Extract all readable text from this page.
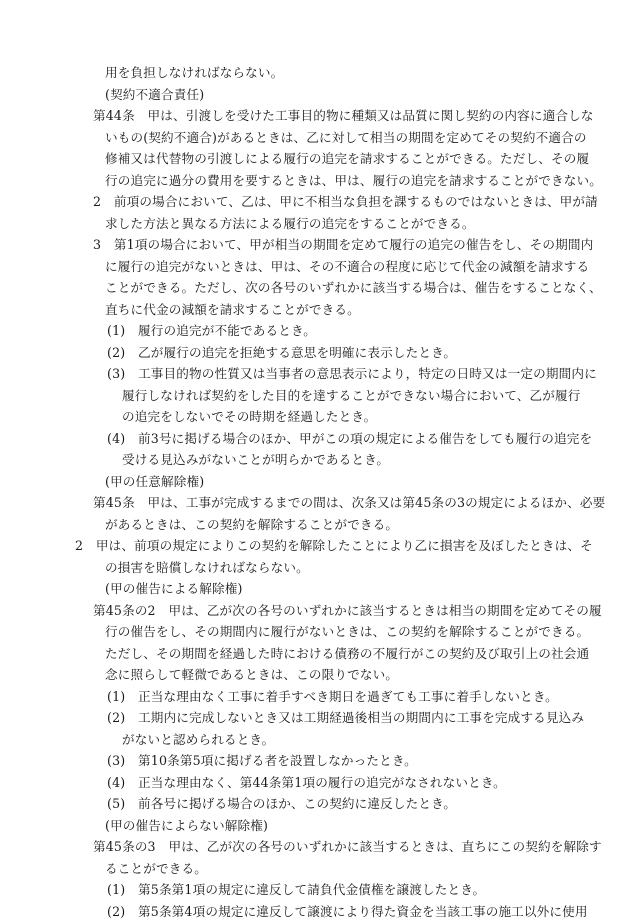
用を負担しなければならない。
(契約不適合責任)
第44条　甲は、引渡しを受けた工事目的物に種類又は品質に関し契約の内容に適合しな
いもの(契約不適合)があるときは、乙に対して相当の期間を定めてその契約不適合の
修補又は代替物の引渡しによる履行の追完を請求することができる。ただし、その履
行の追完に過分の費用を要するときは、甲は、履行の追完を請求することができない。
2　前項の場合において、乙は、甲に不相当な負担を課するものではないときは、甲が請
求した方法と異なる方法による履行の追完をすることができる。
3　第1項の場合において、甲が相当の期間を定めて履行の追完の催告をし、その期間内
に履行の追完がないときは、甲は、その不適合の程度に応じて代金の減額を請求する
ことができる。ただし、次の各号のいずれかに該当する場合は、催告をすることなく、
直ちに代金の減額を請求することができる。
(1)　履行の追完が不能であるとき。
(2)　乙が履行の追完を拒絶する意思を明確に表示したとき。
(3)　工事目的物の性質又は当事者の意思表示により，特定の日時又は一定の期間内に
履行しなければ契約をした目的を達することができない場合において、乙が履行
の追完をしないでその時期を経過したとき。
(4)　前3号に掲げる場合のほか、甲がこの項の規定による催告をしても履行の追完を
受ける見込みがないことが明らかであるとき。
(甲の任意解除権)
第45条　甲は、工事が完成するまでの間は、次条又は第45条の3の規定によるほか、必要
があるときは、この契約を解除することができる。
2　甲は、前項の規定によりこの契約を解除したことにより乙に損害を及ぼしたときは、そ
の損害を賠償しなければならない。
(甲の催告による解除権)
第45条の2　甲は、乙が次の各号のいずれかに該当するときは相当の期間を定めてその履
行の催告をし、その期間内に履行がないときは、この契約を解除することができる。
ただし、その期間を経過した時における債務の不履行がこの契約及び取引上の社会通
念に照らして軽微であるときは、この限りでない。
(1)　正当な理由なく工事に着手すべき期日を過ぎても工事に着手しないとき。
(2)　工期内に完成しないとき又は工期経過後相当の期間内に工事を完成する見込み
がないと認められるとき。
(3)　第10条第5項に掲げる者を設置しなかったとき。
(4)　正当な理由なく、第44条第1項の履行の追完がなされないとき。
(5)　前各号に掲げる場合のほか、この契約に違反したとき。
(甲の催告によらない解除権)
第45条の3　甲は、乙が次の各号のいずれかに該当するときは、直ちにこの契約を解除す
ることができる。
(1)　第5条第1項の規定に違反して請負代金債権を譲渡したとき。
(2)　第5条第4項の規定に違反して譲渡により得た資金を当該工事の施工以外に使用
